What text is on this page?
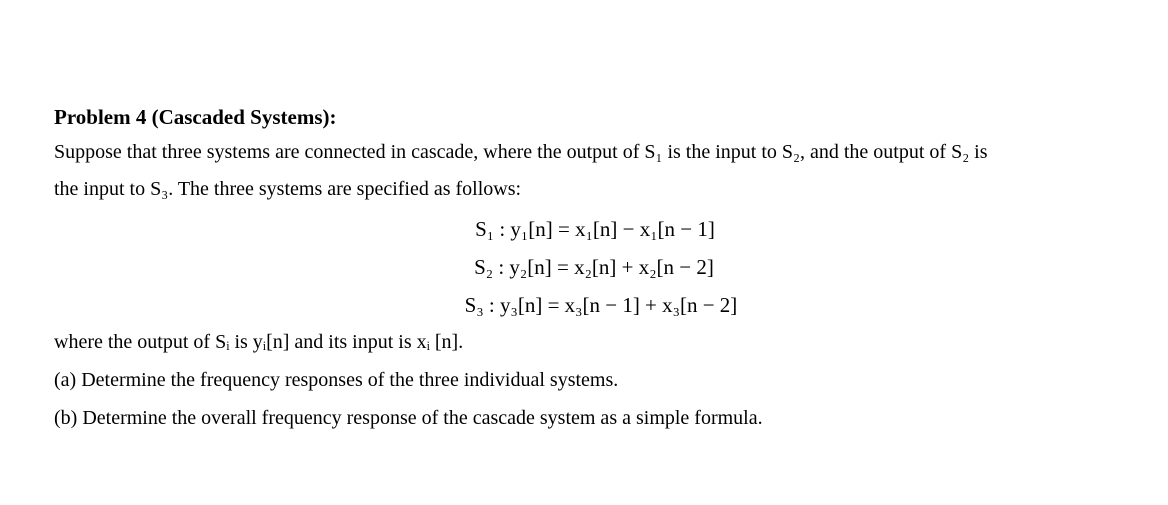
Problem 4 (Cascaded Systems):

Suppose that three systems are connected in cascade, where the output of S₁ is the input to S₂, and the output of S₂ is
the input to S₃. The three systems are specified as follows:

S₁ : y₁[n] = x₁[n] − x₁[n − 1]
S₂ : y₂[n] = x₂[n] + x₂[n − 2]
S₃ : y₃[n] = x₃[n − 1] + x₃[n − 2]

where the output of Sᵢ is yᵢ[n] and its input is xᵢ [n].

(a) Determine the frequency responses of the three individual systems.

(b) Determine the overall frequency response of the cascade system as a simple formula.
